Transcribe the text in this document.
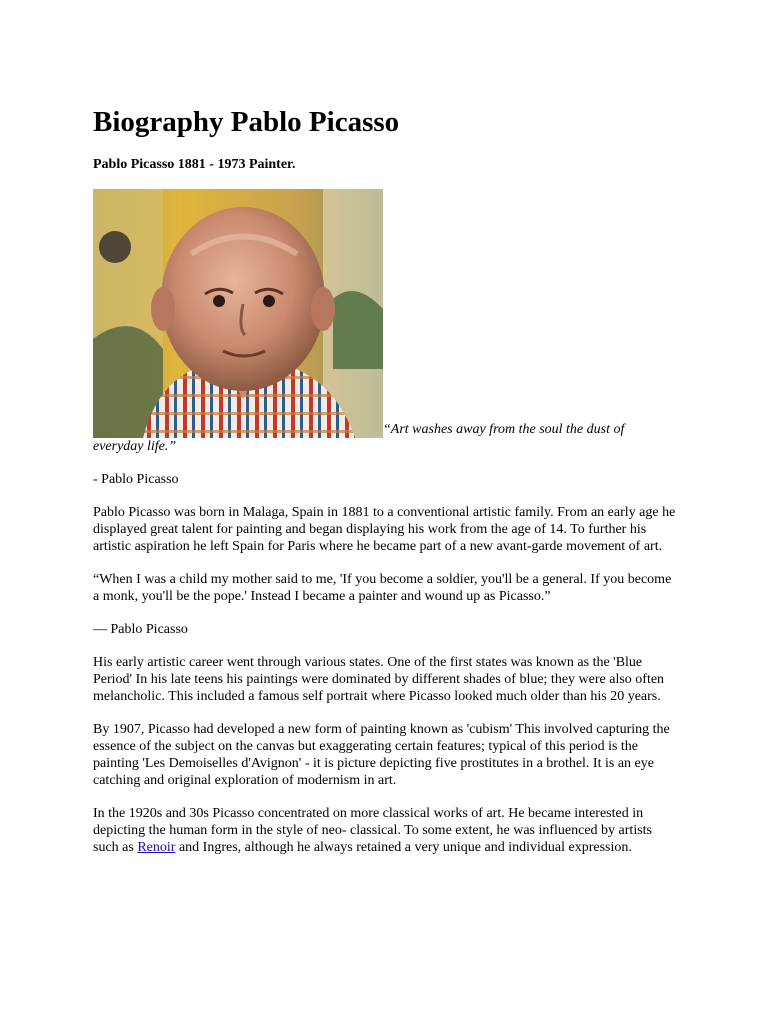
Biography Pablo Picasso

Pablo Picasso 1881 - 1973 Painter.

“Art washes away from the soul the dust of everyday life.”

- Pablo Picasso

Pablo Picasso was born in Malaga, Spain in 1881 to a conventional artistic family. From an early age he displayed great talent for painting and began displaying his work from the age of 14. To further his artistic aspiration he left Spain for Paris where he became part of a new avant-garde movement of art.

“When I was a child my mother said to me, 'If you become a soldier, you'll be a general. If you become a monk, you'll be the pope.' Instead I became a painter and wound up as Picasso.”

― Pablo Picasso

His early artistic career went through various states. One of the first states was known as the 'Blue Period' In his late teens his paintings were dominated by different shades of blue; they were also often melancholic. This included a famous self portrait where Picasso looked much older than his 20 years.

By 1907, Picasso had developed a new form of painting known as 'cubism' This involved capturing the essence of the subject on the canvas but exaggerating certain features; typical of this period is the painting 'Les Demoiselles d'Avignon' - it is picture depicting five prostitutes in a brothel. It is an eye catching and original exploration of modernism in art.

In the 1920s and 30s Picasso concentrated on more classical works of art. He became interested in depicting the human form in the style of neo- classical. To some extent, he was influenced by artists such as Renoir and Ingres, although he always retained a very unique and individual expression.
